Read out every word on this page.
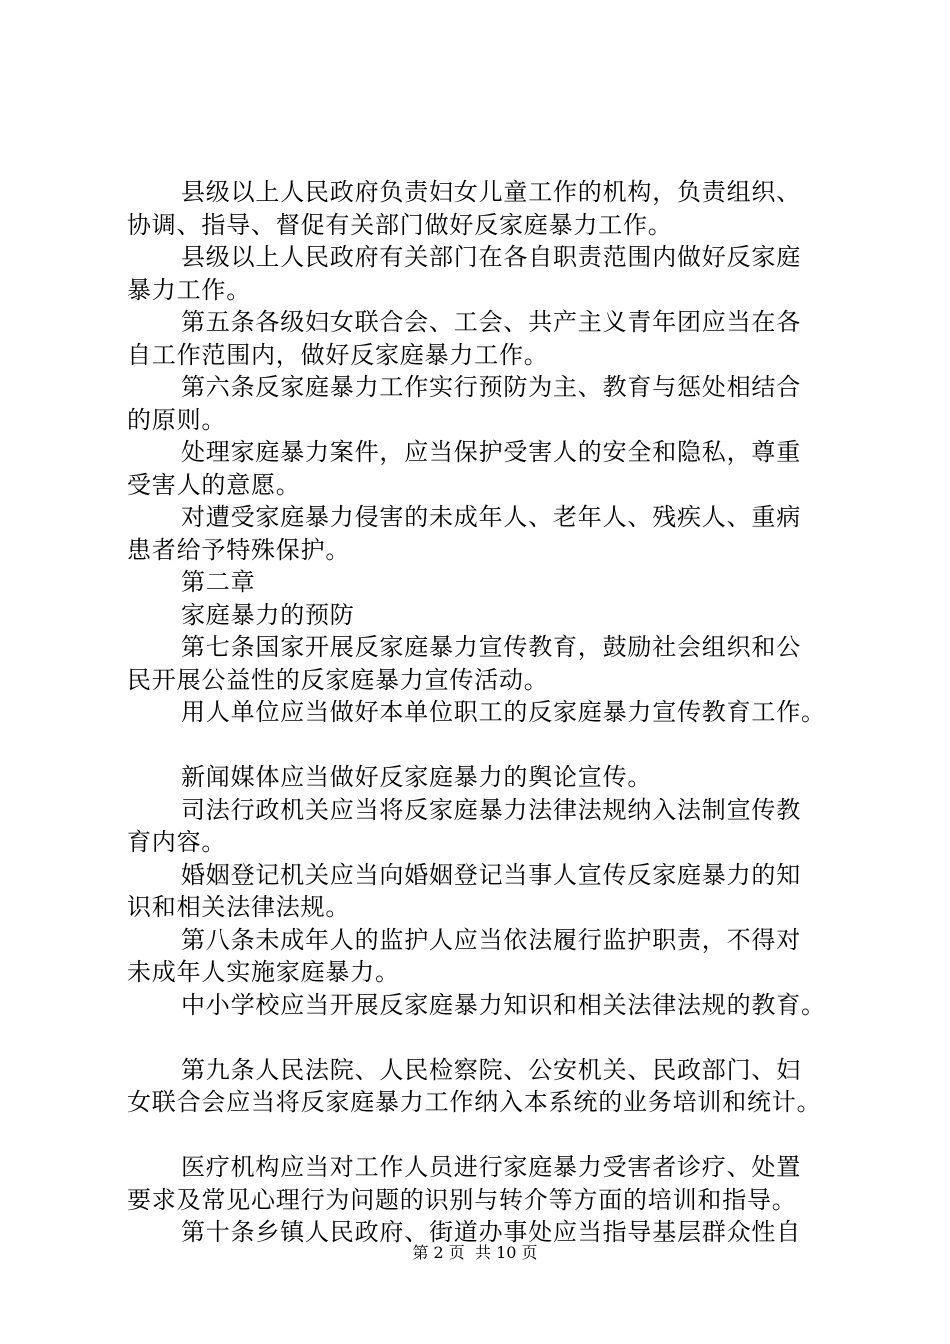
县级以上人民政府负责妇女儿童工作的机构，负责组织、
协调、指导、督促有关部门做好反家庭暴力工作。
县级以上人民政府有关部门在各自职责范围内做好反家庭
暴力工作。
第五条各级妇女联合会、工会、共产主义青年团应当在各
自工作范围内，做好反家庭暴力工作。
第六条反家庭暴力工作实行预防为主、教育与惩处相结合
的原则。
处理家庭暴力案件，应当保护受害人的安全和隐私，尊重
受害人的意愿。
对遭受家庭暴力侵害的未成年人、老年人、残疾人、重病
患者给予特殊保护。
第二章
家庭暴力的预防
第七条国家开展反家庭暴力宣传教育，鼓励社会组织和公
民开展公益性的反家庭暴力宣传活动。
用人单位应当做好本单位职工的反家庭暴力宣传教育工作。
新闻媒体应当做好反家庭暴力的舆论宣传。
司法行政机关应当将反家庭暴力法律法规纳入法制宣传教
育内容。
婚姻登记机关应当向婚姻登记当事人宣传反家庭暴力的知
识和相关法律法规。
第八条未成年人的监护人应当依法履行监护职责，不得对
未成年人实施家庭暴力。
中小学校应当开展反家庭暴力知识和相关法律法规的教育。
第九条人民法院、人民检察院、公安机关、民政部门、妇
女联合会应当将反家庭暴力工作纳入本系统的业务培训和统计。
医疗机构应当对工作人员进行家庭暴力受害者诊疗、处置
要求及常见心理行为问题的识别与转介等方面的培训和指导。
第十条乡镇人民政府、街道办事处应当指导基层群众性自
第 2 页 共 10 页
